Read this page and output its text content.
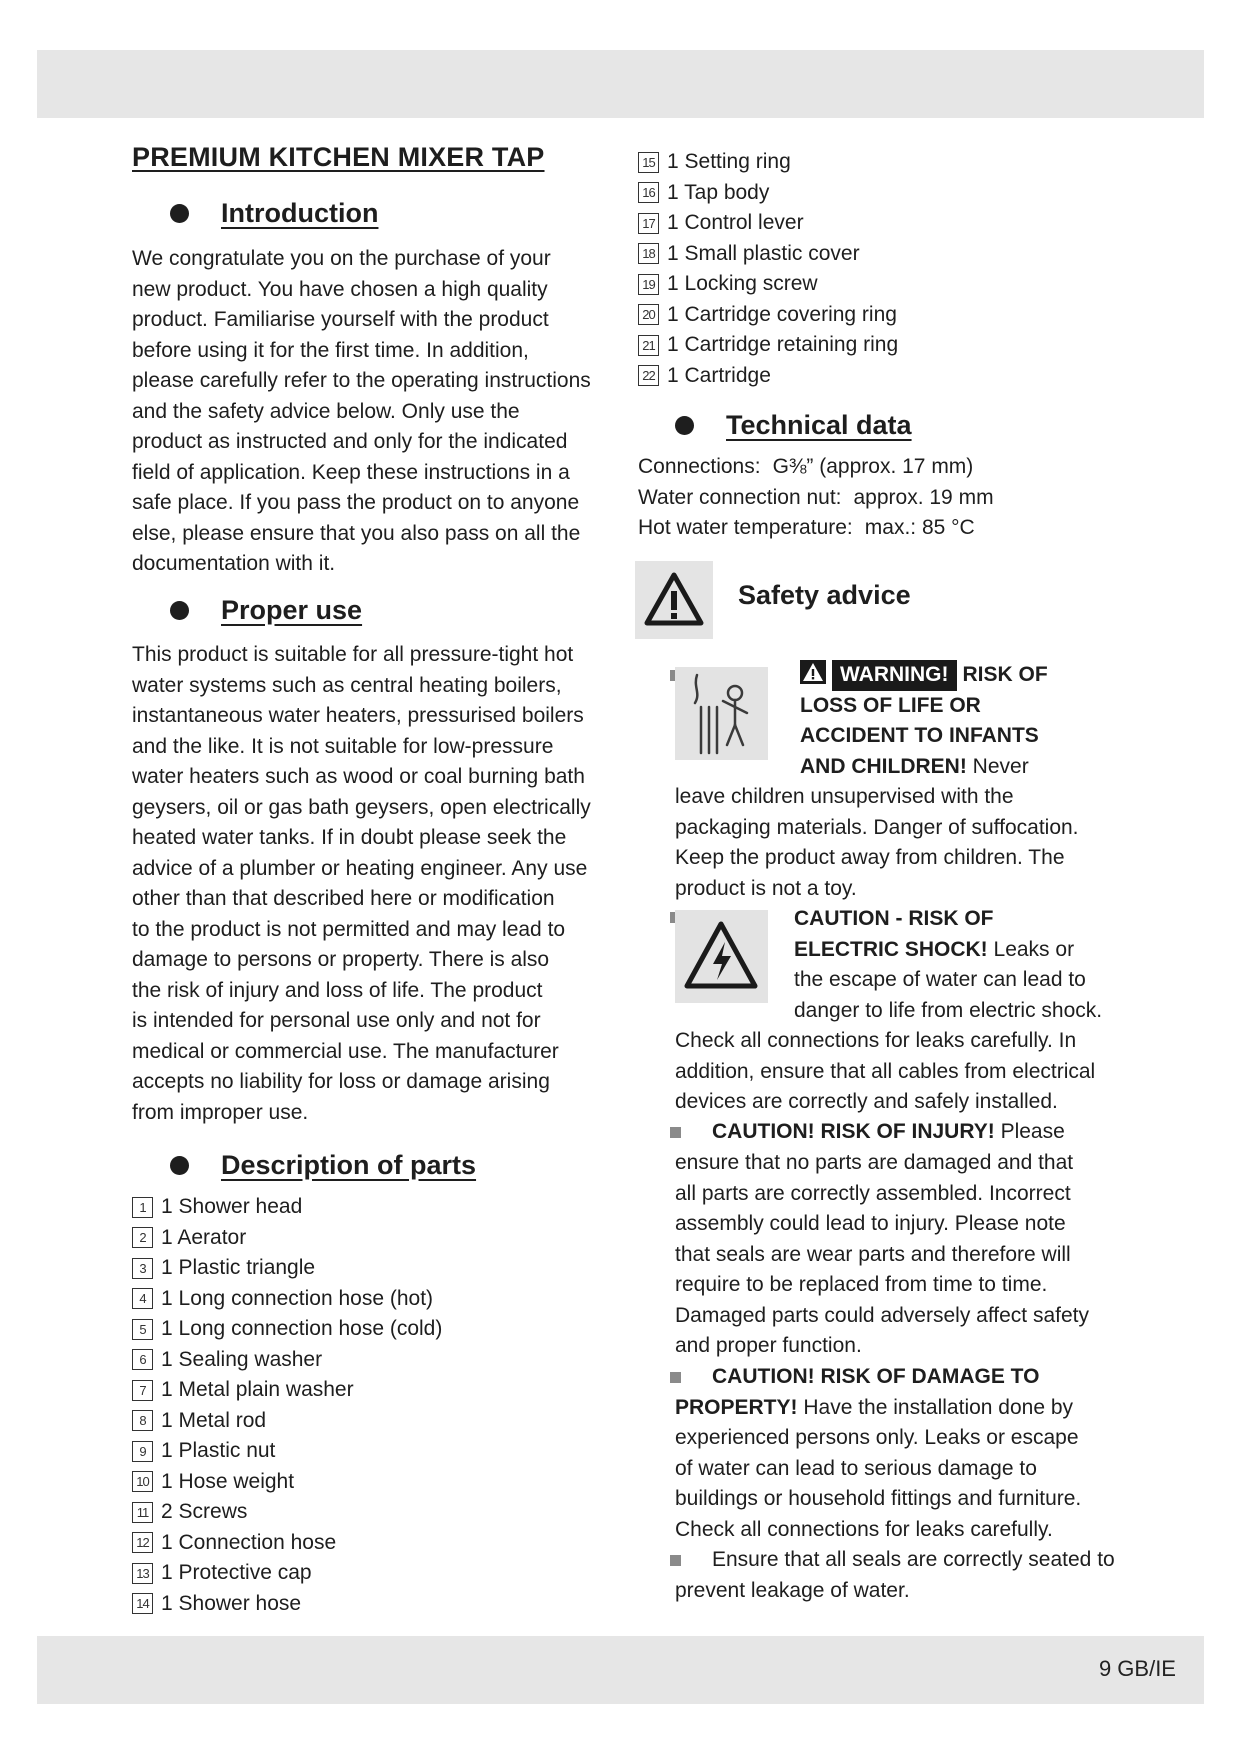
PREMIUM KITCHEN MIXER TAP
Introduction
We congratulate you on the purchase of your
new product. You have chosen a high quality
product. Familiarise yourself with the product
before using it for the first time. In addition,
please carefully refer to the operating instructions
and the safety advice below. Only use the
product as instructed and only for the indicated
field of application. Keep these instructions in a
safe place. If you pass the product on to anyone
else, please ensure that you also pass on all the
documentation with it.
Proper use
This product is suitable for all pressure-tight hot
water systems such as central heating boilers,
instantaneous water heaters, pressurised boilers
and the like. It is not suitable for low-pressure
water heaters such as wood or coal burning bath
geysers, oil or gas bath geysers, open electrically
heated water tanks. If in doubt please seek the
advice of a plumber or heating engineer. Any use
other than that described here or modification
to the product is not permitted and may lead to
damage to persons or property. There is also
the risk of injury and loss of life. The product
is intended for personal use only and not for
medical or commercial use. The manufacturer
accepts no liability for loss or damage arising
from improper use.
Description of parts
1 1 Shower head
2 1 Aerator
3 1 Plastic triangle
4 1 Long connection hose (hot)
5 1 Long connection hose (cold)
6 1 Sealing washer
7 1 Metal plain washer
8 1 Metal rod
9 1 Plastic nut
10 1 Hose weight
11 2 Screws
12 1 Connection hose
13 1 Protective cap
14 1 Shower hose
15 1 Setting ring
16 1 Tap body
17 1 Control lever
18 1 Small plastic cover
19 1 Locking screw
20 1 Cartridge covering ring
21 1 Cartridge retaining ring
22 1 Cartridge
Technical data
Connections: G⅜” (approx. 17 mm)
Water connection nut: approx. 19 mm
Hot water temperature: max.: 85 °C
Safety advice

WARNING! RISK OF

LOSS OF LIFE OR

ACCIDENT TO INFANTS

AND CHILDREN! Never

leave children unsupervised with the
packaging materials. Danger of suffocation.
Keep the product away from children. The
product is not a toy.

CAUTION - RISK OF

ELECTRIC SHOCK! Leaks or

the escape of water can lead to

danger to life from electric shock.

Check all connections for leaks carefully. In
addition, ensure that all cables from electrical
devices are correctly and safely installed.

CAUTION! RISK OF INJURY! Please

ensure that no parts are damaged and that
all parts are correctly assembled. Incorrect
assembly could lead to injury. Please note
that seals are wear parts and therefore will
require to be replaced from time to time.
Damaged parts could adversely affect safety
and proper function.

CAUTION! RISK OF DAMAGE TO

PROPERTY! Have the installation done by

experienced persons only. Leaks or escape
of water can lead to serious damage to
buildings or household fittings and furniture.
Check all connections for leaks carefully.

Ensure that all seals are correctly seated to

prevent leakage of water.

9 GB/IE
